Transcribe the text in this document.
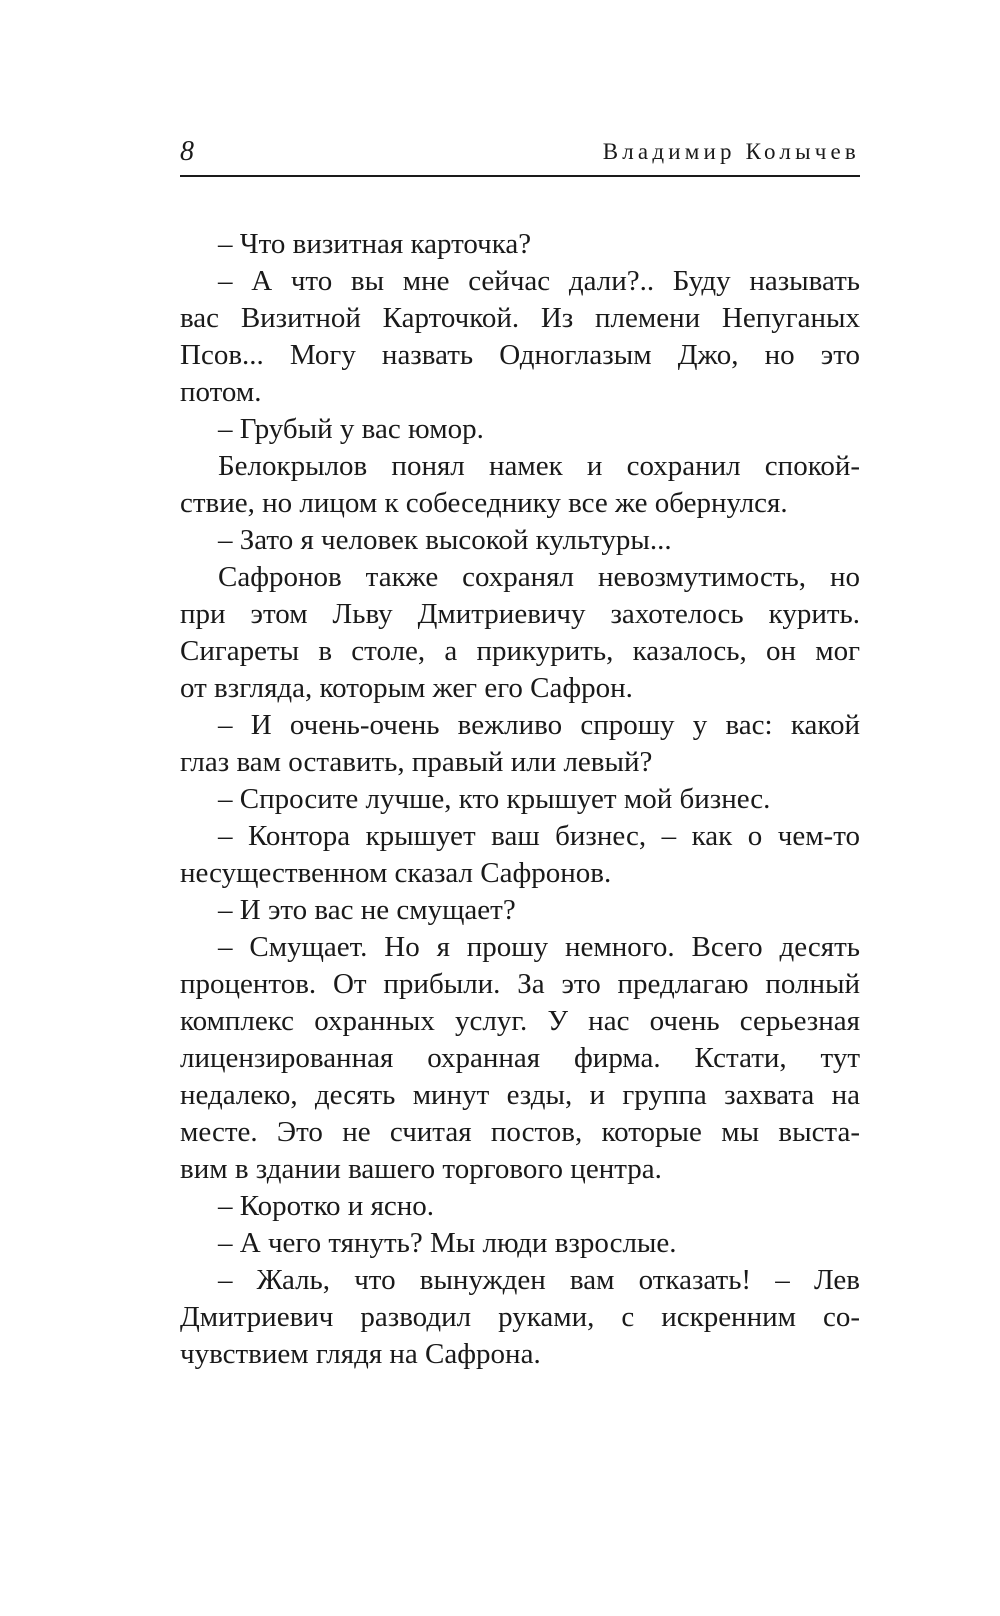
8	Владимир Колычев
– Что визитная карточка?
– А что вы мне сейчас дали?.. Буду называть
вас Визитной Карточкой. Из племени Непуганых
Псов... Могу назвать Одноглазым Джо, но это
потом.
– Грубый у вас юмор.
Белокрылов понял намек и сохранил спокой-
ствие, но лицом к собеседнику все же обернулся.
– Зато я человек высокой культуры...
Сафронов также сохранял невозмутимость, но
при этом Льву Дмитриевичу захотелось курить.
Сигареты в столе, а прикурить, казалось, он мог
от взгляда, которым жег его Сафрон.
– И очень-очень вежливо спрошу у вас: какой
глаз вам оставить, правый или левый?
– Спросите лучше, кто крышует мой бизнес.
– Контора крышует ваш бизнес, – как о чем-то
несущественном сказал Сафронов.
– И это вас не смущает?
– Смущает. Но я прошу немного. Всего десять
процентов. От прибыли. За это предлагаю полный
комплекс охранных услуг. У нас очень серьезная
лицензированная охранная фирма. Кстати, тут
недалеко, десять минут езды, и группа захвата на
месте. Это не считая постов, которые мы выста-
вим в здании вашего торгового центра.
– Коротко и ясно.
– А чего тянуть? Мы люди взрослые.
– Жаль, что вынужден вам отказать! – Лев
Дмитриевич разводил руками, с искренним со-
чувствием глядя на Сафрона.
